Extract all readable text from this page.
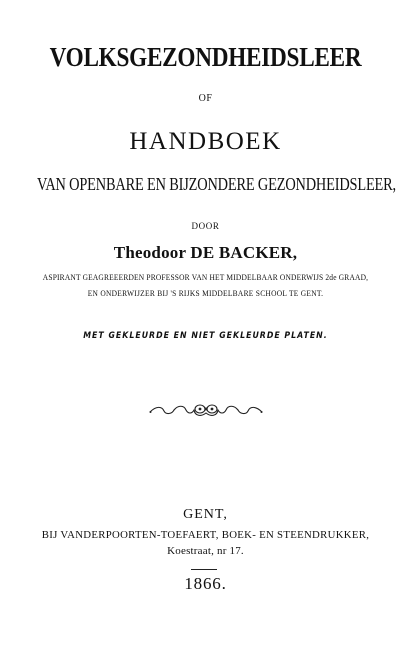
VOLKSGEZONDHEIDSLEER
OF
HANDBOEK
VAN OPENBARE EN BIJZONDERE GEZONDHEIDSLEER,
DOOR
Theodoor DE BACKER,
ASPIRANT GEAGREEERDEN PROFESSOR VAN HET MIDDELBAAR ONDERWIJS 2de GRAAD,
EN ONDERWIJZER BIJ 'S RIJKS MIDDELBARE SCHOOL TE GENT.
MET GEKLEURDE EN NIET GEKLEURDE PLATEN.
GENT,
BIJ VANDERPOORTEN-TOEFAERT, BOEK- EN STEENDRUKKER,
Koestraat, nr 17.
1866.
